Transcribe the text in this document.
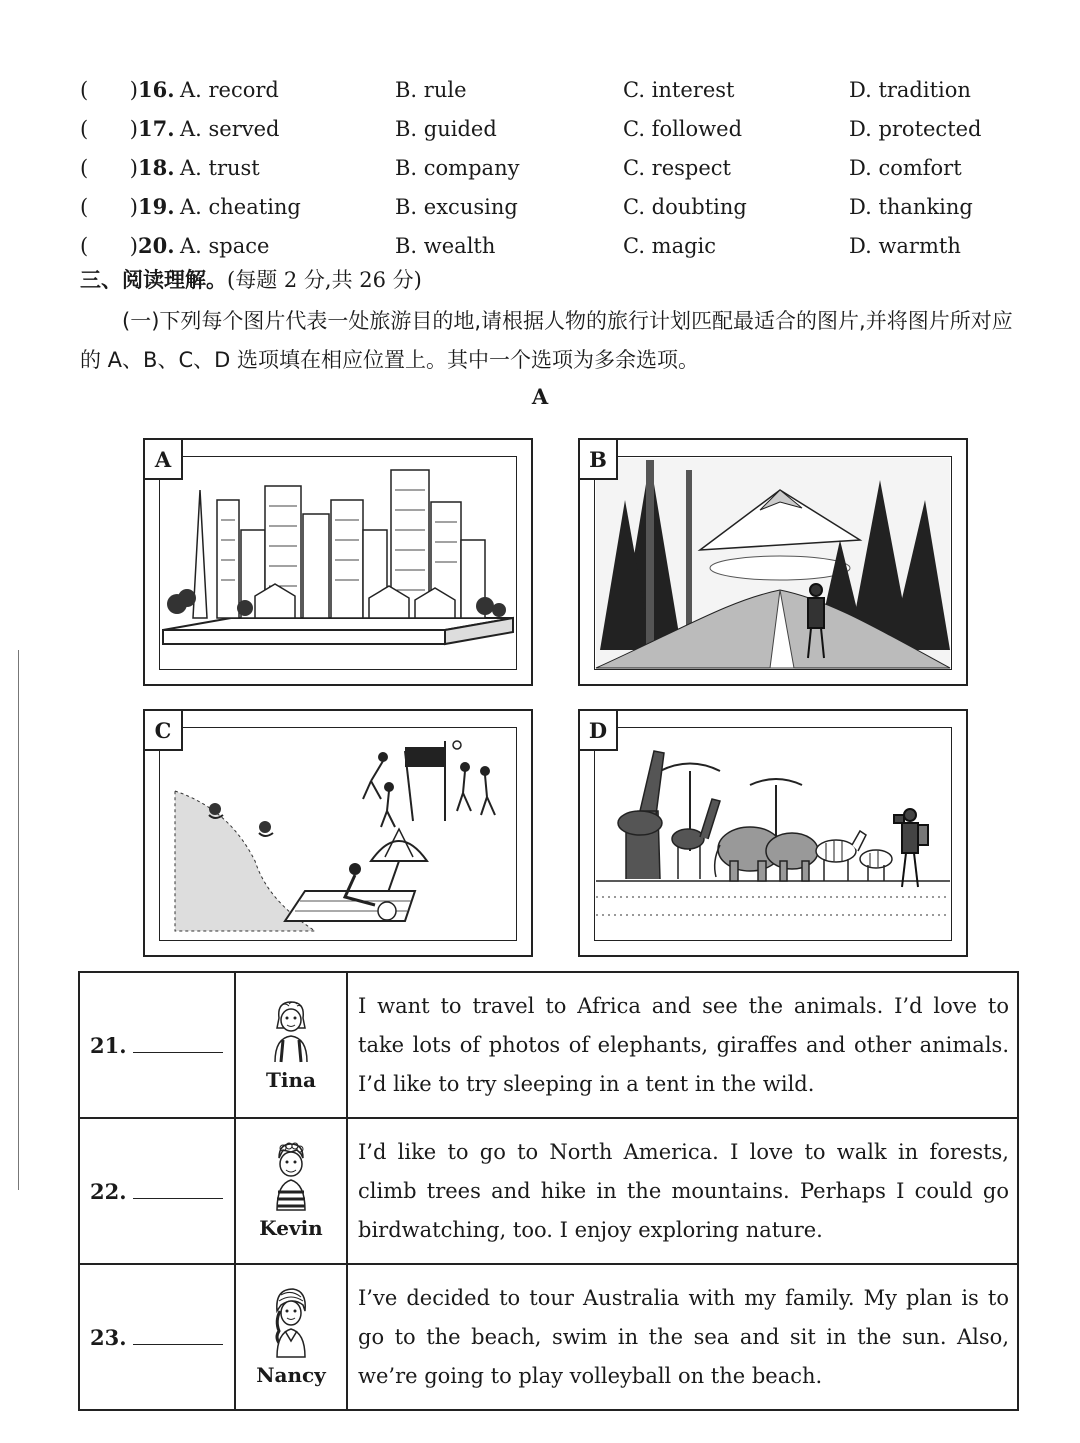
( ) 16. A. record	B. rule	C. interest	D. tradition
( ) 17. A. served	B. guided	C. followed	D. protected
( ) 18. A. trust	B. company	C. respect	D. comfort
( ) 19. A. cheating	B. excusing	C. doubting	D. thanking
( ) 20. A. space	B. wealth	C. magic	D. warmth
三、阅读理解。(每题 2 分,共 26 分)
(一)下列每个图片代表一处旅游目的地,请根据人物的旅行计划匹配最适合的图片,并将图片所对应的 A、B、C、D 选项填在相应位置上。其中一个选项为多余选项。
A
A	B
C	D
21.	Tina	I want to travel to Africa and see the animals. I’d love to take lots of photos of elephants, giraffes and other animals. I’d like to try sleeping in a tent in the wild.
22.	Kevin	I’d like to go to North America. I love to walk in forests, climb trees and hike in the mountains. Perhaps I could go birdwatching, too. I enjoy exploring nature.
23.	Nancy	I’ve decided to tour Australia with my family. My plan is to go to the beach, swim in the sea and sit in the sun. Also, we’re going to play volleyball on the beach.
